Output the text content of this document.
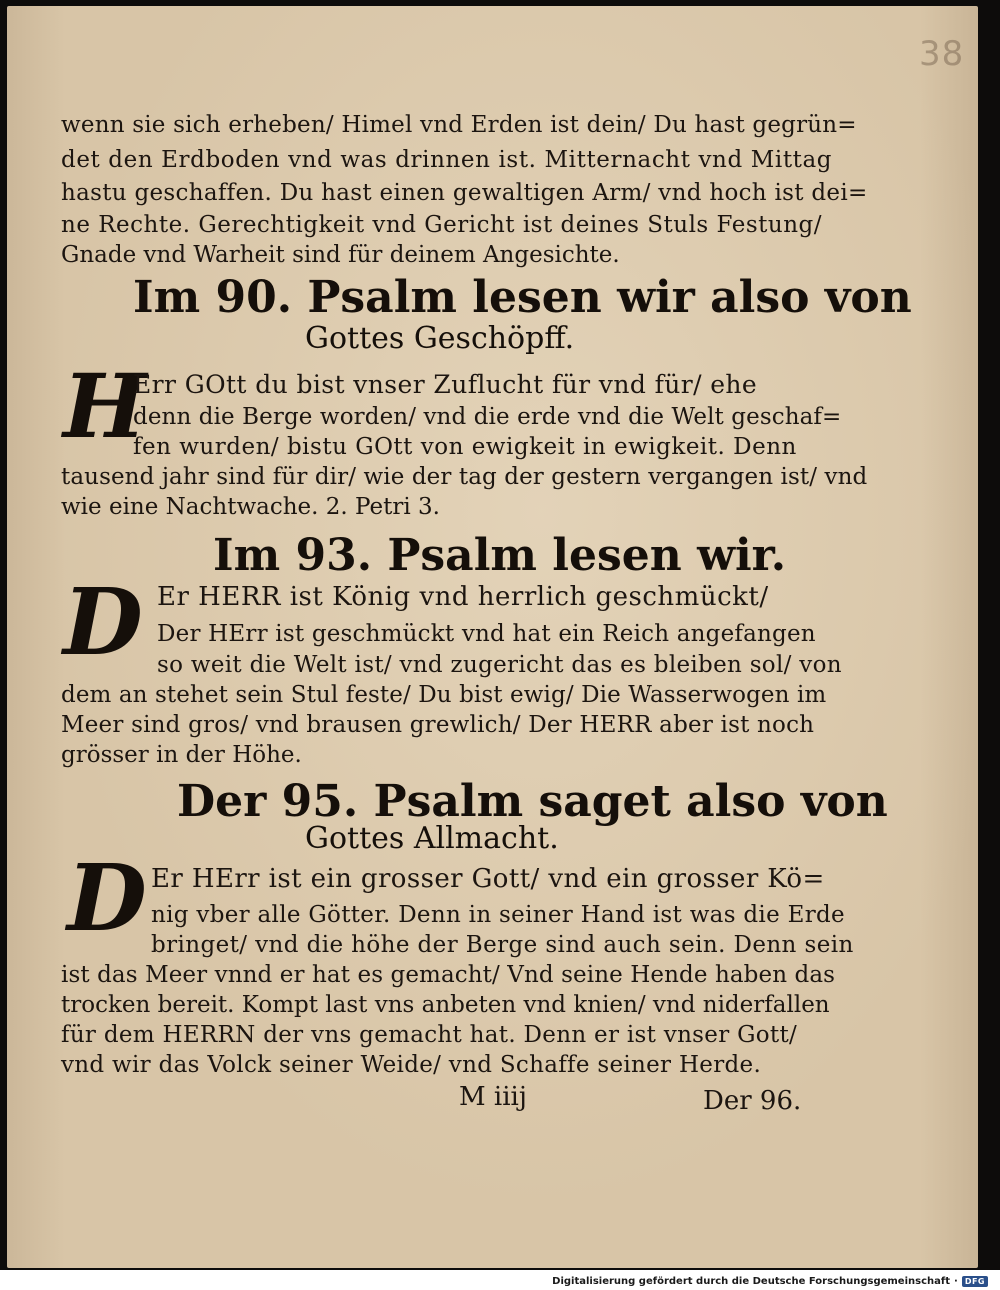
38
wenn sie sich erheben/ Himel vnd Erden ist dein/ Du hast gegrün=
det den Erdboden vnd was drinnen ist. Mitternacht vnd Mittag
hastu geschaffen. Du hast einen gewaltigen Arm/ vnd hoch ist dei=
ne Rechte. Gerechtigkeit vnd Gericht ist deines Stuls Festung/
Gnade vnd Warheit sind für deinem Angesichte.
Im 90. Psalm lesen wir also von
Gottes Geschöpff.
H
Err GOtt du bist vnser Zuflucht für vnd für/ ehe
denn die Berge worden/ vnd die erde vnd die Welt geschaf=
fen wurden/ bistu GOtt von ewigkeit in ewigkeit. Denn
tausend jahr sind für dir/ wie der tag der gestern vergangen ist/ vnd
wie eine Nachtwache. 2. Petri 3.
Im 93. Psalm lesen wir.
D Er HERR ist König vnd herrlich geschmückt/
Der HErr ist geschmückt vnd hat ein Reich angefangen
so weit die Welt ist/ vnd zugericht das es bleiben sol/ von
dem an stehet sein Stul feste/ Du bist ewig/ Die Wasserwogen im
Meer sind gros/ vnd brausen grewlich/ Der HERR aber ist noch
grösser in der Höhe.
Der 95. Psalm saget also von
Gottes Allmacht.
D Er HErr ist ein grosser Gott/ vnd ein grosser Kö=
nig vber alle Götter. Denn in seiner Hand ist was die Erde
bringet/ vnd die höhe der Berge sind auch sein. Denn sein
ist das Meer vnnd er hat es gemacht/ Vnd seine Hende haben das
trocken bereit. Kompt last vns anbeten vnd knien/ vnd niderfallen
für dem HERRN der vns gemacht hat. Denn er ist vnser Gott/
vnd wir das Volck seiner Weide/ vnd Schaffe seiner Herde.
M iiij	Der 96.
Digitalisierung gefördert durch die Deutsche Forschungsgemeinschaft · DFG
